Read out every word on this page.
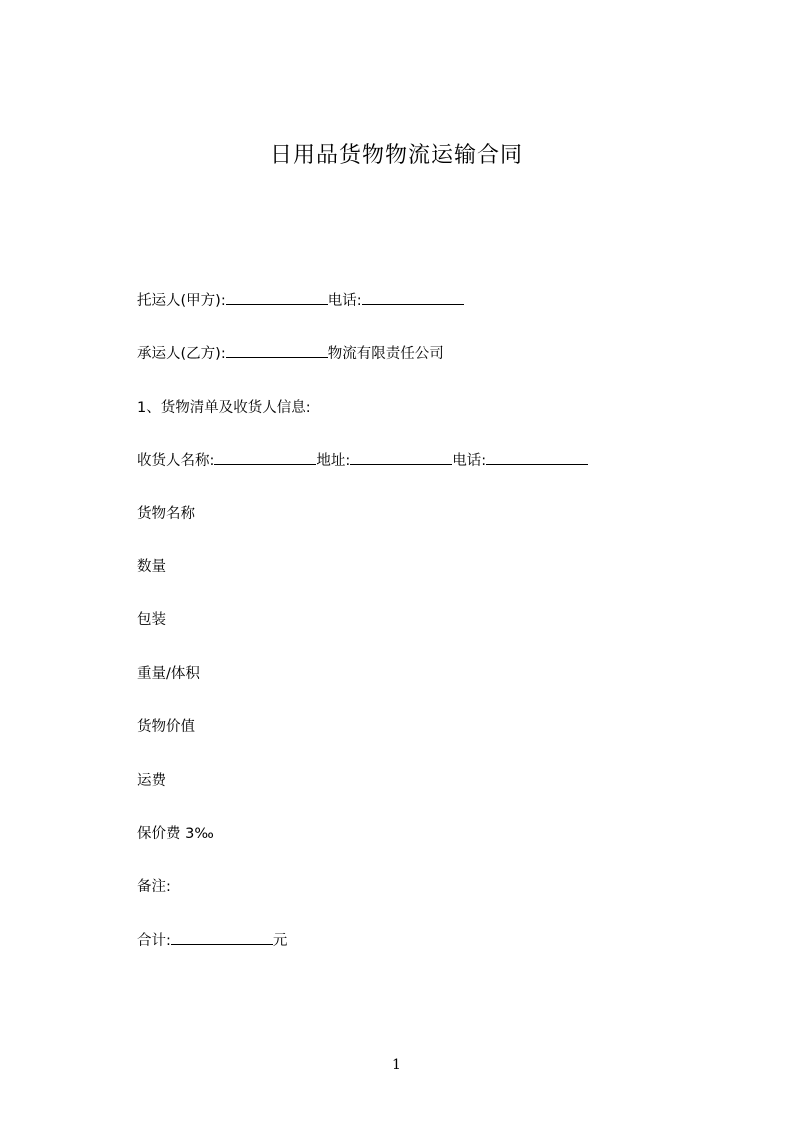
日用品货物物流运输合同
托运人(甲方):	电话:
承运人(乙方):	物流有限责任公司
1、货物清单及收货人信息:
收货人名称:	地址:	电话:
货物名称
数量
包装
重量/体积
货物价值
运费
保价费 3‰
备注:
合计:	元
1
